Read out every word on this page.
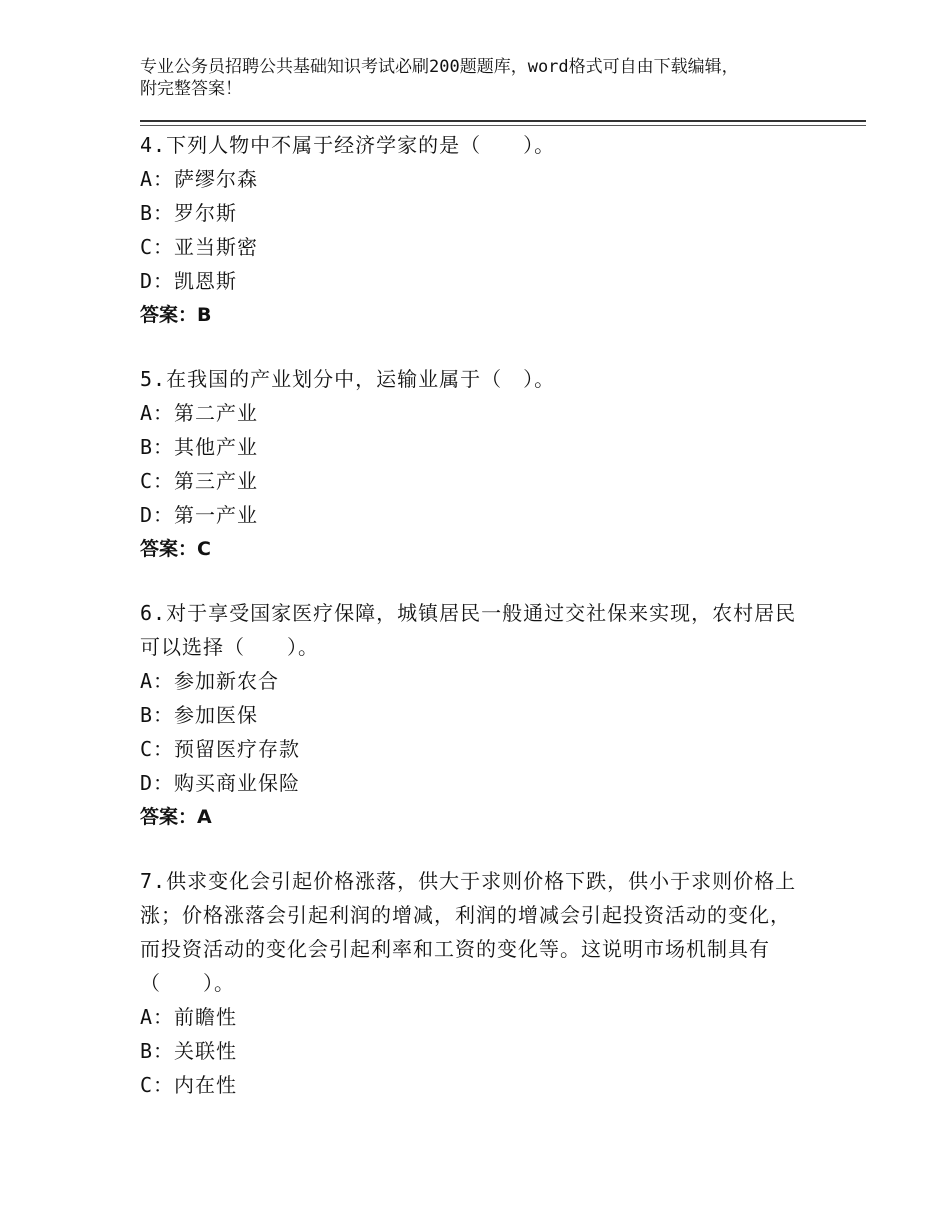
专业公务员招聘公共基础知识考试必刷200题题库，word格式可自由下载编辑，
附完整答案！
4.下列人物中不属于经济学家的是（　　）。
A：萨缪尔森
B：罗尔斯
C：亚当斯密
D：凯恩斯
答案：B
5.在我国的产业划分中，运输业属于（　）。
A：第二产业
B：其他产业
C：第三产业
D：第一产业
答案：C
6.对于享受国家医疗保障，城镇居民一般通过交社保来实现，农村居民可以选择（　　）。
A：参加新农合
B：参加医保
C：预留医疗存款
D：购买商业保险
答案：A
7.供求变化会引起价格涨落，供大于求则价格下跌，供小于求则价格上涨；价格涨落会引起利润的增减，利润的增减会引起投资活动的变化，而投资活动的变化会引起利率和工资的变化等。这说明市场机制具有（　　）。
A：前瞻性
B：关联性
C：内在性
